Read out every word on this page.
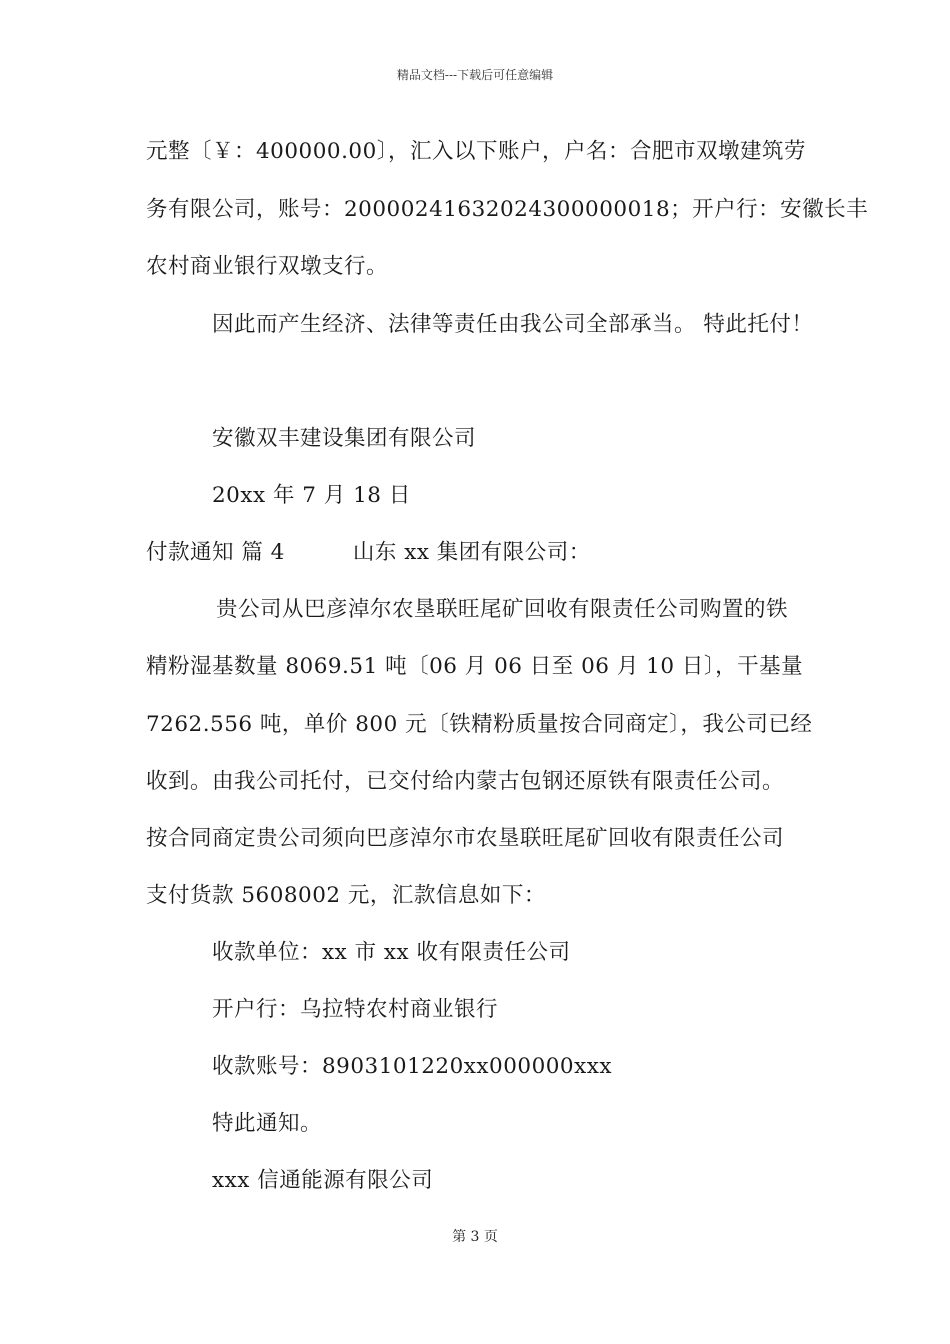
精品文档---下载后可任意编辑
元整〔￥：400000.00〕，汇入以下账户，户名：合肥市双墩建筑劳
务有限公司，账号：20000241632024300000018；开户行：安徽长丰
农村商业银行双墩支行。
因此而产生经济、法律等责任由我公司全部承当。 特此托付！
安徽双丰建设集团有限公司
20xx 年 7 月 18 日
付款通知 篇 4	山东 xx 集团有限公司：
贵公司从巴彦淖尔农垦联旺尾矿回收有限责任公司购置的铁
精粉湿基数量 8069.51 吨〔06 月 06 日至 06 月 10 日〕，干基量
7262.556 吨，单价 800 元〔铁精粉质量按合同商定〕，我公司已经
收到。由我公司托付，已交付给内蒙古包钢还原铁有限责任公司。
按合同商定贵公司须向巴彦淖尔市农垦联旺尾矿回收有限责任公司
支付货款 5608002 元，汇款信息如下：
收款单位：xx 市 xx 收有限责任公司
开户行：乌拉特农村商业银行
收款账号：8903101220xx000000xxx
特此通知。
xxx 信通能源有限公司
第 3 页
